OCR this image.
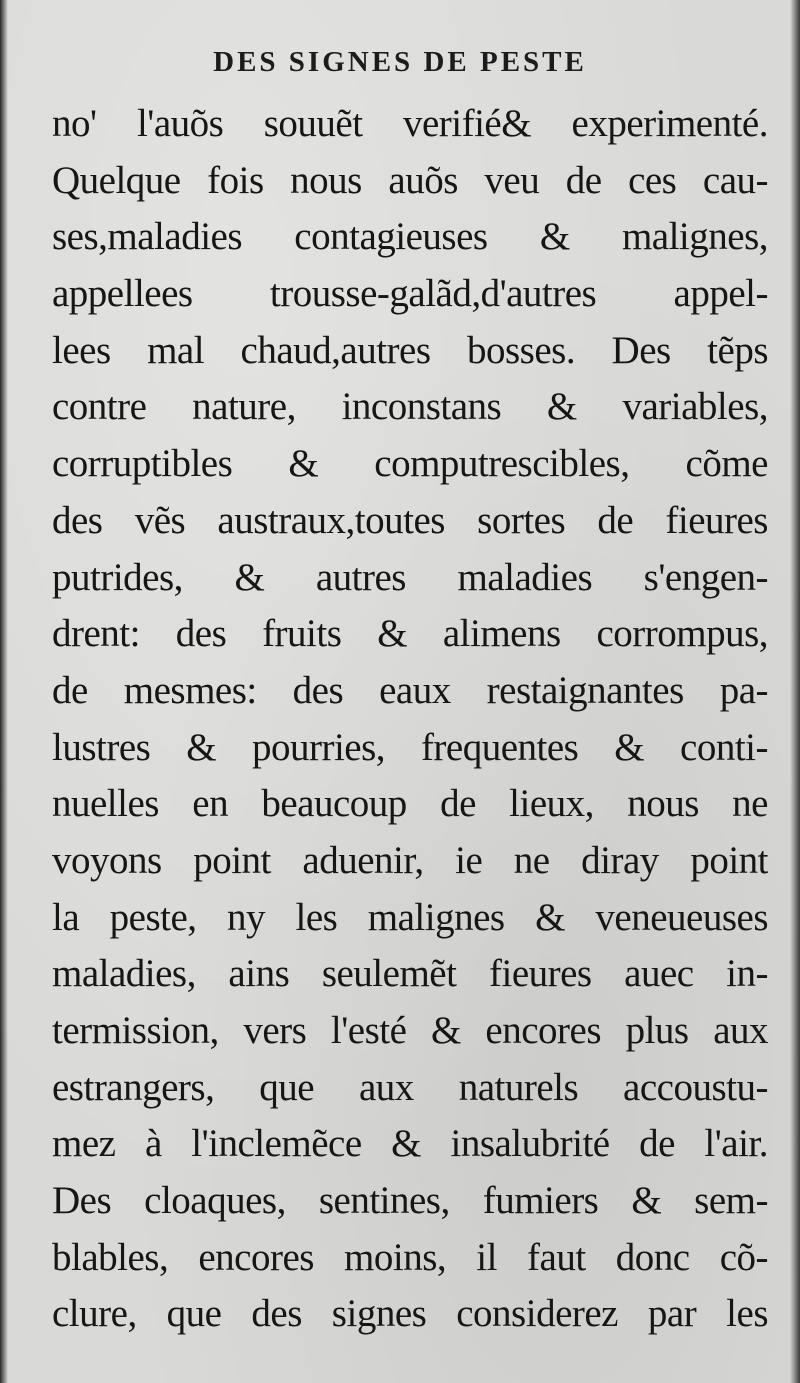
DES SIGNES DE PESTE
no' l'auõs souuẽt verifié& experimenté.
Quelque fois nous auõs veu de ces cau-
ses,maladies contagieuses & malignes,
appellees trousse-galãd,d'autres appel-
lees mal chaud,autres bosses. Des tẽps
contre nature, inconstans & variables,
corruptibles & computrescibles, cõme
des vẽs austraux,toutes sortes de fieures
putrides, & autres maladies s'engen-
drent: des fruits & alimens corrompus,
de mesmes: des eaux restaignantes pa-
lustres & pourries, frequentes & conti-
nuelles en beaucoup de lieux, nous ne
voyons point aduenir, ie ne diray point
la peste, ny les malignes & veneueuses
maladies, ains seulemẽt fieures auec in-
termission, vers l'esté & encores plus aux
estrangers, que aux naturels accoustu-
mez à l'inclemẽce & insalubrité de l'air.
Des cloaques, sentines, fumiers & sem-
blables, encores moins, il faut donc cõ-
clure, que des signes considerez par les
